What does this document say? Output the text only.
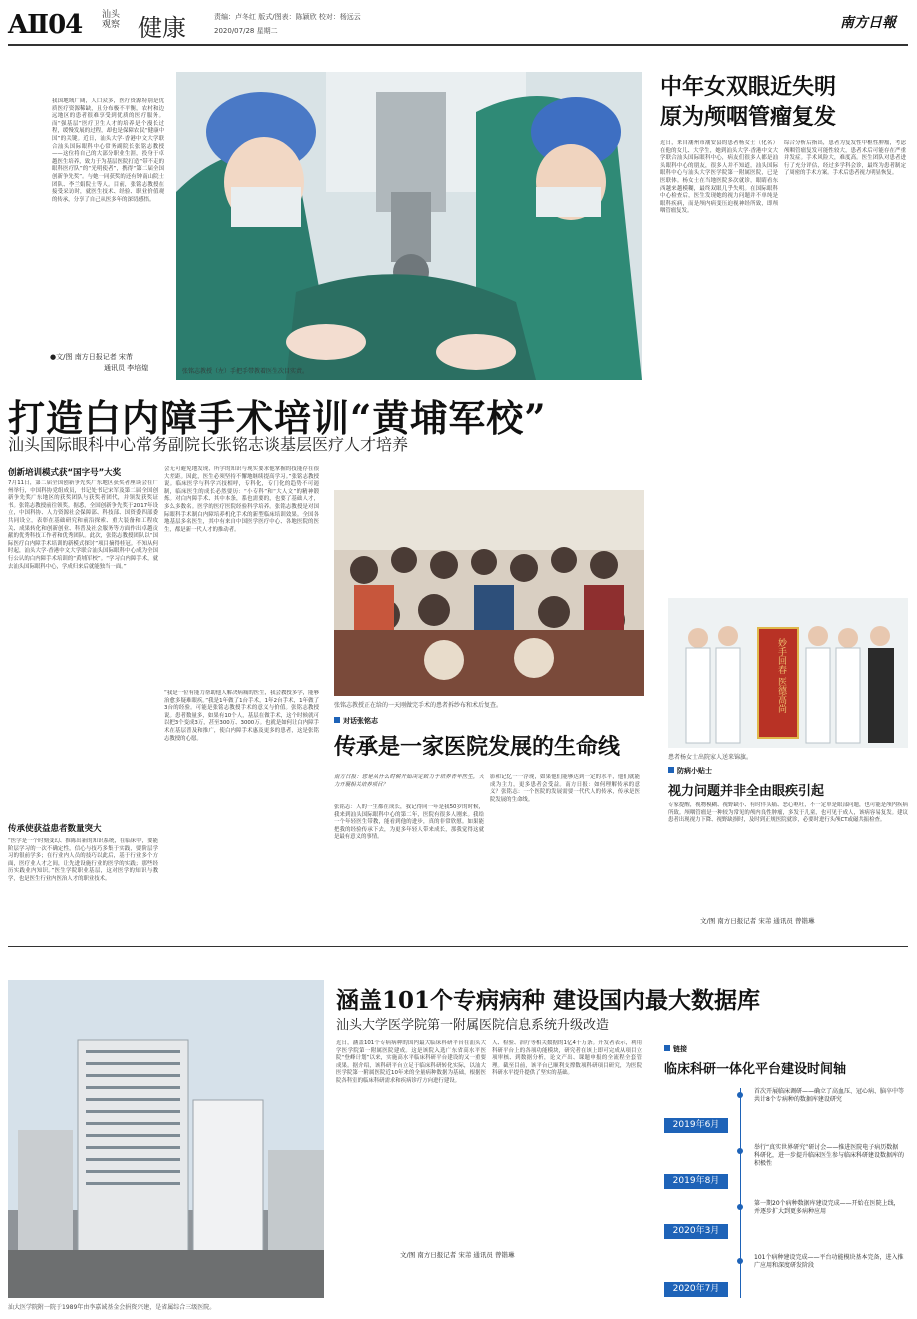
AⅡ04 汕头
观察 健康	责编：卢冬红 版式/图表：陈颖欣 校对：杨远云
2020/07/28 星期二	南方日報
我国地域广阔，人口众多，医疗资源特别是优质医疗资源稀缺，且分布极不平衡，农村和边远地区的患者很难享受到优质的医疗服务。而“强基层”医疗卫生人才的培养是个漫长过程，缓慢发展的过程，却也是保障农民“健康中国”的关键。近日，汕头大学·香港中文大学联合汕头国际眼科中心常务副院长张铭志教授——这位将自己的大部分职业生涯，投身于卓越医生培养，致力于为基层医院打造“带不走的眼科医疗队”的“光明使者”，携得“第二届全国创新争先奖”。与她一同获奖的还有钟南山院士团队、李兰娟院士等人。目前，张铭志教授在接受采访时，就医生技术、经验、职业价值观的传承，分享了自己从医多年的深切感悟。
●文/图 南方日报记者 宋芾
通讯员 李培煌	张铭志教授（左）手把手带教着医生次目实责。
打造白内障手术培训“黄埔军校”
汕头国际眼科中心常务副院长张铭志谈基层医疗人才培养
创新培训模式获“国字号”大奖
7月11日，第二届全国创新争先奖广东地区获奖者座谈会在广州举行，中国科协党组成员，书记处书记宋军及第二届全国创新争先奖广东地区的获奖团队与获奖者团代，并领发获奖证书。张铭志教授前往领奖。据悉，全国创新争先奖于2017年设立，中国科协、人力资源社会保障部、科技部、国资委四部委共同设立，表彰在基础研究和前沿探索、重大装备和工程攻关、成果转化和创新创业、科普及社会服务等方面作出卓越贡献的优秀科技工作者和优秀团队。此次，张铭志教授团队以“国际医疗白内障手术培训的新模式探讨”项目摘得桂冠。不知从何时起，汕头大学·香港中文大学联合汕头国际眼科中心成为全国行公认的白内障手术培训的“黄埔军校”。“学习白内障手术，就去汕头国际眼科中心，学成归来后就能独当一面。”
传承使获益患者数量突大
“医学是一个时刻变幻、推陈出新的知识系统，在临床中，要能阶层学习的一次不确定性，信心与技巧多集于实践，要阶层学习的很前学多；在行业内人员的技巧以此后，基于行业多个方面，医疗业人才之间，让先进设施行业的医学的实践；那些经历实践业内知识。”医生学院职业基层，这对医学的知识与教学，也是医生行业内医治人才的职业技术。
会无可避免地发现，所学的知识与现实要求他掌握的技能存在很大差距。因此，医生必须坚持不懈地继续提高学习。”张铭志教授说。临床医学与科学兴技相呼，专科化，专门化的趋势不可遏制，临床医生的成长必然要历：“小专科”和“大人文”的精神锻炼。对白内障手术、其中本条，系也需要的，也要了基础人才，多么多数名。医学的医疗医院经验科学培养。张铭志教授是对国际眼科手术制白内障培养机化手术的新型临床培训效果。全国各地基层多名医生，其中有来自中国医学医疗中心、各地医院的医生，都是新一代人才的推动者。
“我是一位有能力帮助他人解决病痛的医生，我会教授多学，能够治愈多疑难眼疾。”我是1年做了1台手术，1年2台手术，1年做了3台的经验。可能是张铭志教授手术的意义与价值。张铭志教授说。患者数量多，如果有10个人，基层在做手术，这个时候就可以把3个变成3万，甚至300万、3000万。也就是如何让白内障手术在基层普及和推广，使白内障手术惠及更多的患者，这是张铭志教授的心愿。
张铭志教授正在给的一天刚做完手术的患者拆纱布和术后复查。
对话张铭志
传承是一家医院发展的生命线
南方日报：您是从什么时候开始决定致力于培养青年医生，大力开展相关培养项目？
张铭志：人的一生都在成长，我记得同一年是我50岁的时候，我来到汕头国际眼科中心的第二年，医院有很多人刚来。我给一个年轻医生带教，能看到他的进步，真的非常欣慰。如果能把我的经验传承下去，为更多年轻人带来成长，那我觉得这就是最有意义的事情。
影和记忆一一浮现，如果他们能够达到一定的水平，他们就能成为主力，更多患者会受益。南方日报：如何理解传承的意义？张铭志：一个医院的发展需要一代代人的传承，传承是医院发展的生命线。
中年女双眼近失明
原为颅咽管瘤复发
近日，来自潮州市潮安县的患者杨女士（化名）在他的女儿、大学生，她到汕头大学·香港中文大学联合汕头国际眼科中心，病友们很多人都是汕头眼科中心的朋友，很多人并不知道，汕头国际眼科中心与汕头大学医学院第一附属医院，已是医联体。杨女士在当地医院多次就诊，眼睛看东西越来越模糊，最终双眼几乎失明。在国际眼科中心检查后，医生发现她的视力问题并不单纯是眼科疾病，而是颅内病变压迫视神经所致，即颅咽管瘤复发。
综合分析后指出，患者为复发性中枢性肿瘤，考虑颅咽管瘤复发可能性较大，患者术后可能存在严重并发症。手术风险大，难度高。医生团队对患者进行了充分评估，经过多学科会诊，最终为患者制定了周密的手术方案。手术后患者视力明显恢复。
妙手回春 医德高尚
患者杨女士出院家人送来锦旗。
防病小贴士
视力问题并非全由眼疾引起
专家提醒，视物模糊、视野缺小、有时伴头痛、恶心呕吐，不一定单是眼部问题，也可能是颅内疾病所致。颅咽管瘤是一种较为常见的颅内良性肿瘤，多发于儿童，也可见于成人，该病容易复发。建议患者出现视力下降、视野缺损时，及时到正规医院就诊，必要时进行头颅CT或磁共振检查。
文/图 南方日报记者 宋芾 通讯员 曾锴琳
汕大医学院附一院于1989年由李嘉诚基金会捐资兴建，是省属综合三级医院。
涵盖101个专病病种 建设国内最大数据库
汕头大学医学院第一附属医院信息系统升级改造
近日，涵盖101个专病病种的国内最大临床科研平台在汕头大学医学院第一附属医院建成。这是该院入选广东省高水平医院“登峰计划”以来，实施高水平临床科研平台建设的又一重要成果。据介绍，该科研平台立足于临床科研转化实际，以汕大医学院第一附属医院近10年来的全量病种数据为基础，根据医院各科室的临床科研需求和疾病诊疗方向进行建设。
人、检验、治疗等相关数据的1亿4千万条。开发者表示，利用科研平台上的各项功能模块，研究者在该上即可完成从项目立项审核、到数据分析，论文产出、课题申报的全流程全套管理。截至目前，该平台已顺利支撑数项科研项目研究，为医院科研水平提升提供了坚实的基础。
文/图 南方日报记者 宋芾 通讯员 曾锴琳
链接
临床科研一体化平台建设时间轴
2019年6月
首次开展临床调研——确立了高血压、冠心病、脑卒中等共计8个专病种的数据库建设研究
2019年8月
举行“真实世界研究”研讨会——推进医院电子病历数据科研化，进一步提升临床医生参与临床科研建设数据库的积极性
2020年3月
第一期20个病种数据库建设完成——开始在医院上线，并逐步扩大到更多病种应用
2020年7月
101个病种建设完成——平台功能模块基本完备，进入推广应用和深度研发阶段
